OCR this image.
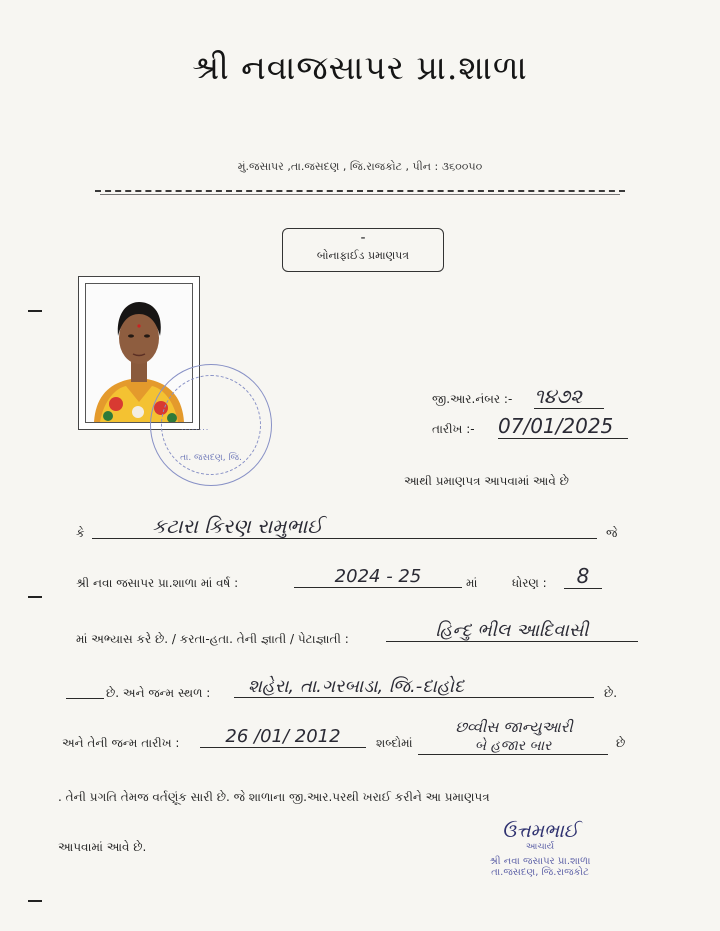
શ્રી નવાજસાપર પ્રા.શાળા
મું.જસાપર ,તા.જસદણ , જિ.રાજકોટ , પીન : ૩૬૦૦૫૦
-
બોનાફાઈડ પ્રમાણપત્ર
........
તા. જસદણ, જિ.
જી.આર.નંબર :- ૧૪૭૨
તારીખ :- 07/01/2025
આથી પ્રમાણપત્ર આપવામાં આવે છે
કે	કટારા કિરણ રામુભાઈ	જે
શ્રી નવા જસાપર પ્રા.શાળા માં વર્ષ :	2024 - 25	માં	ધોરણ :	8
માં અભ્યાસ કરે છે. / કરતા-હતા. તેની જ્ઞાતી / પેટાજ્ઞાતી :	હિન્દુ ભીલ આદિવાસી
છે. અને જન્મ સ્થળ :	શહેરા, તા.ગરબાડા, જિ.-દાહોદ	છે.
અને તેની જન્મ તારીખ :	26 /01/ 2012	શબ્દોમાં
છવ્વીસ જાન્યુઆરી
બે હજાર બાર	છે
. તેની પ્રગતિ તેમજ વર્તણૂંક સારી છે. જે શાળાના જી.આર.પરથી ખરાઈ કરીને આ પ્રમાણપત્ર
આપવામાં આવે છે.
ઉત્તમભાઈ
આચાર્ય
શ્રી નવા જસાપર પ્રા.શાળા
તા.જસદણ, જિ.રાજકોટ
